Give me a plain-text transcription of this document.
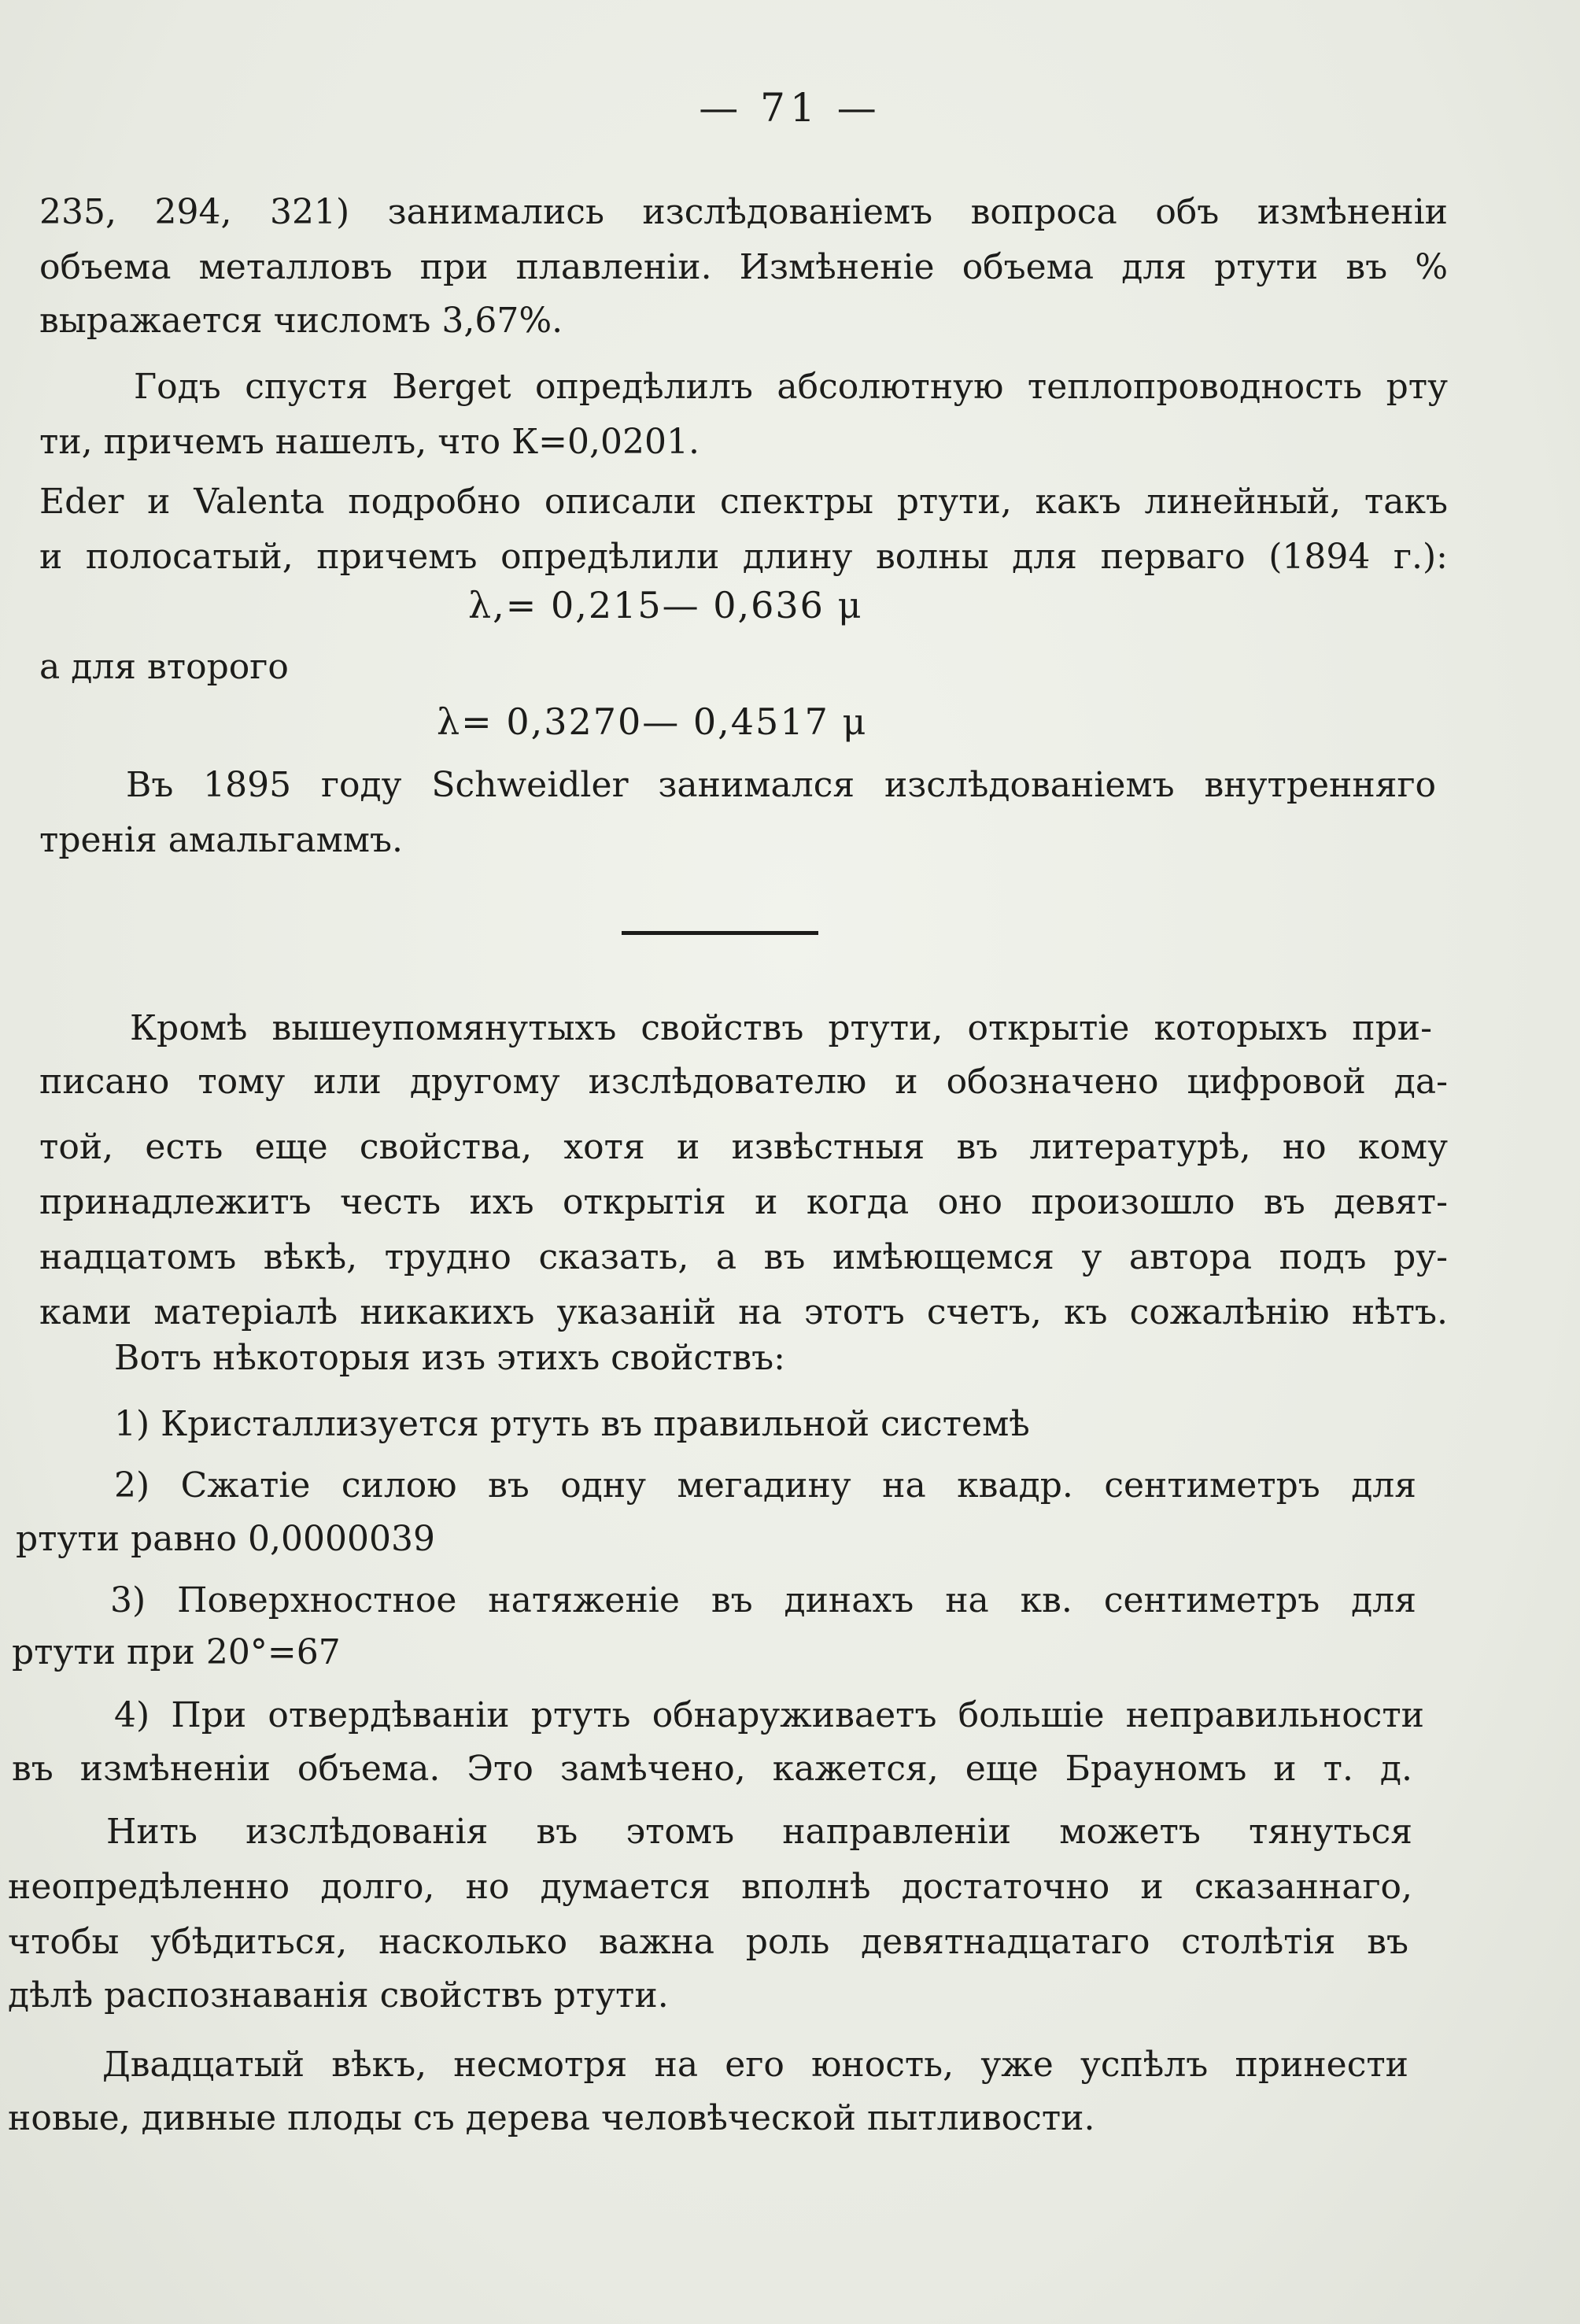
— 71 —
235, 294, 321) занимались изслѣдованіемъ вопроса объ измѣненіи
объема металловъ при плавленіи. Измѣненіе объема для ртути въ %
выражается числомъ 3,67%.
Годъ спустя Berget опредѣлилъ абсолютную теплопроводность рту
ти, причемъ нашелъ, что К=0,0201.
Eder и Valenta подробно описали спектры ртути, какъ линейный, такъ
и полосатый, причемъ опредѣлили длину волны для перваго (1894 г.):
λ,= 0,215— 0,636 μ
а для второго
λ= 0,3270— 0,4517 μ
Въ 1895 году Schweidler занимался изслѣдованіемъ внутренняго
тренія амальгаммъ.
Кромѣ вышеупомянутыхъ свойствъ ртути, открытіе которыхъ при-
писано тому или другому изслѣдователю и обозначено цифровой да-
той, есть еще свойства, хотя и извѣстныя въ литературѣ, но кому
принадлежитъ честь ихъ открытія и когда оно произошло въ девят-
надцатомъ вѣкѣ, трудно сказать, а въ имѣющемся у автора подъ ру-
ками матеріалѣ никакихъ указаній на этотъ счетъ, къ сожалѣнію нѣтъ.
Вотъ нѣкоторыя изъ этихъ свойствъ:
1) Кристаллизуется ртуть въ правильной системѣ
2) Сжатіе силою въ одну мегадину на квадр. сентиметръ для
ртути равно 0,0000039
3) Поверхностное натяженіе въ динахъ на кв. сентиметръ для
ртути при 20°=67
4) При отвердѣваніи ртуть обнаруживаетъ большіе неправильности
въ измѣненіи объема. Это замѣчено, кажется, еще Брауномъ и т. д.
Нить изслѣдованія въ этомъ направленіи можетъ тянуться
неопредѣленно долго, но думается вполнѣ достаточно и сказаннаго,
чтобы убѣдиться, насколько важна роль девятнадцатаго столѣтія въ
дѣлѣ распознаванія свойствъ ртути.
Двадцатый вѣкъ, несмотря на его юность, уже успѣлъ принести
новые, дивные плоды съ дерева человѣческой пытливости.
